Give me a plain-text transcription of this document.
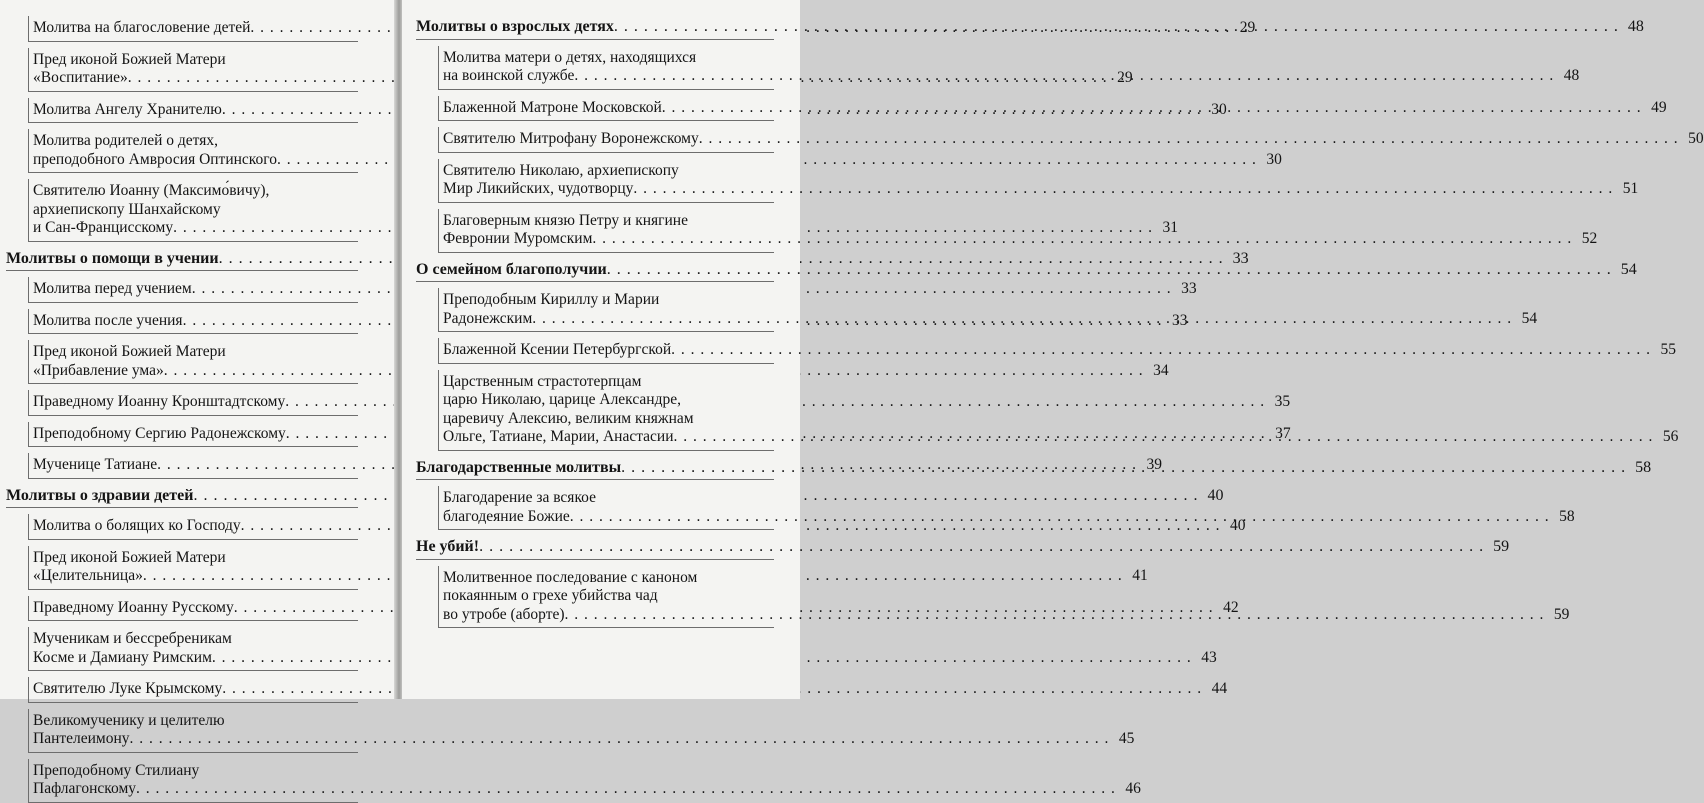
Молитва на благословение детей . . .	29
Пред иконой Божией Матери
«Воспитание» . . .	29
Молитва Ангелу Хранителю . . .	30
Молитва родителей о детях,
преподобного Амвросия Оптинского . . .	30
Святителю Иоанну (Максимо́вичу),
архиепископу Шанхайскому
и Сан-Францисскому . . .	31
Молитвы о помощи в учении . . .	33
Молитва перед учением . . .	33
Молитва после учения . . .	33
Пред иконой Божией Матери
«Прибавление ума» . . .	34
Праведному Иоанну Кронштадтскому . . .	35
Преподобному Сергию Радонежскому . . .	37
Мученице Татиане . . .	39
Молитвы о здравии детей . . .	40
Молитва о болящих ко Господу . . .	40
Пред иконой Божией Матери
«Целительница» . . .	41
Праведному Иоанну Русскому . . .	42
Мученикам и бессребреникам
Космe и Дамиану Римским . . .	43
Святителю Луке Крымскому . . .	44
Великомученику и целителю
Пантелеимону . . .	45
Преподобному Стилиану
Пафлагонскому . . .	46
Молитвы о взрослых детях . . .	48
Молитва матери о детях, находящихся
на воинской службе . . .	48
Блаженной Матроне Московской . . .	49
Святителю Митрофану Воронежскому . . .	50
Святителю Николаю, архиепископу
Мир Ликийских, чудотворцу . . .	51
Благоверным князю Петру и княгине
Февронии Муромским . . .	52
О семейном благополучии . . .	54
Преподобным Кириллу и Марии
Радонежским . . .	54
Блаженной Ксении Петербургской . . .	55
Царственным страстотерпцам
царю Николаю, царице Александре,
царевичу Алексию, великим княжнам
Ольге, Татиане, Марии, Анастасии . . .	56
Благодарственные молитвы . . .	58
Благодарение за всякое
благодеяние Божие . . .	58
Не убий! . . .	59
Молитвенное последование с каноном
покаянным о грехе убийства чад
во утробе (аборте) . . .	59
